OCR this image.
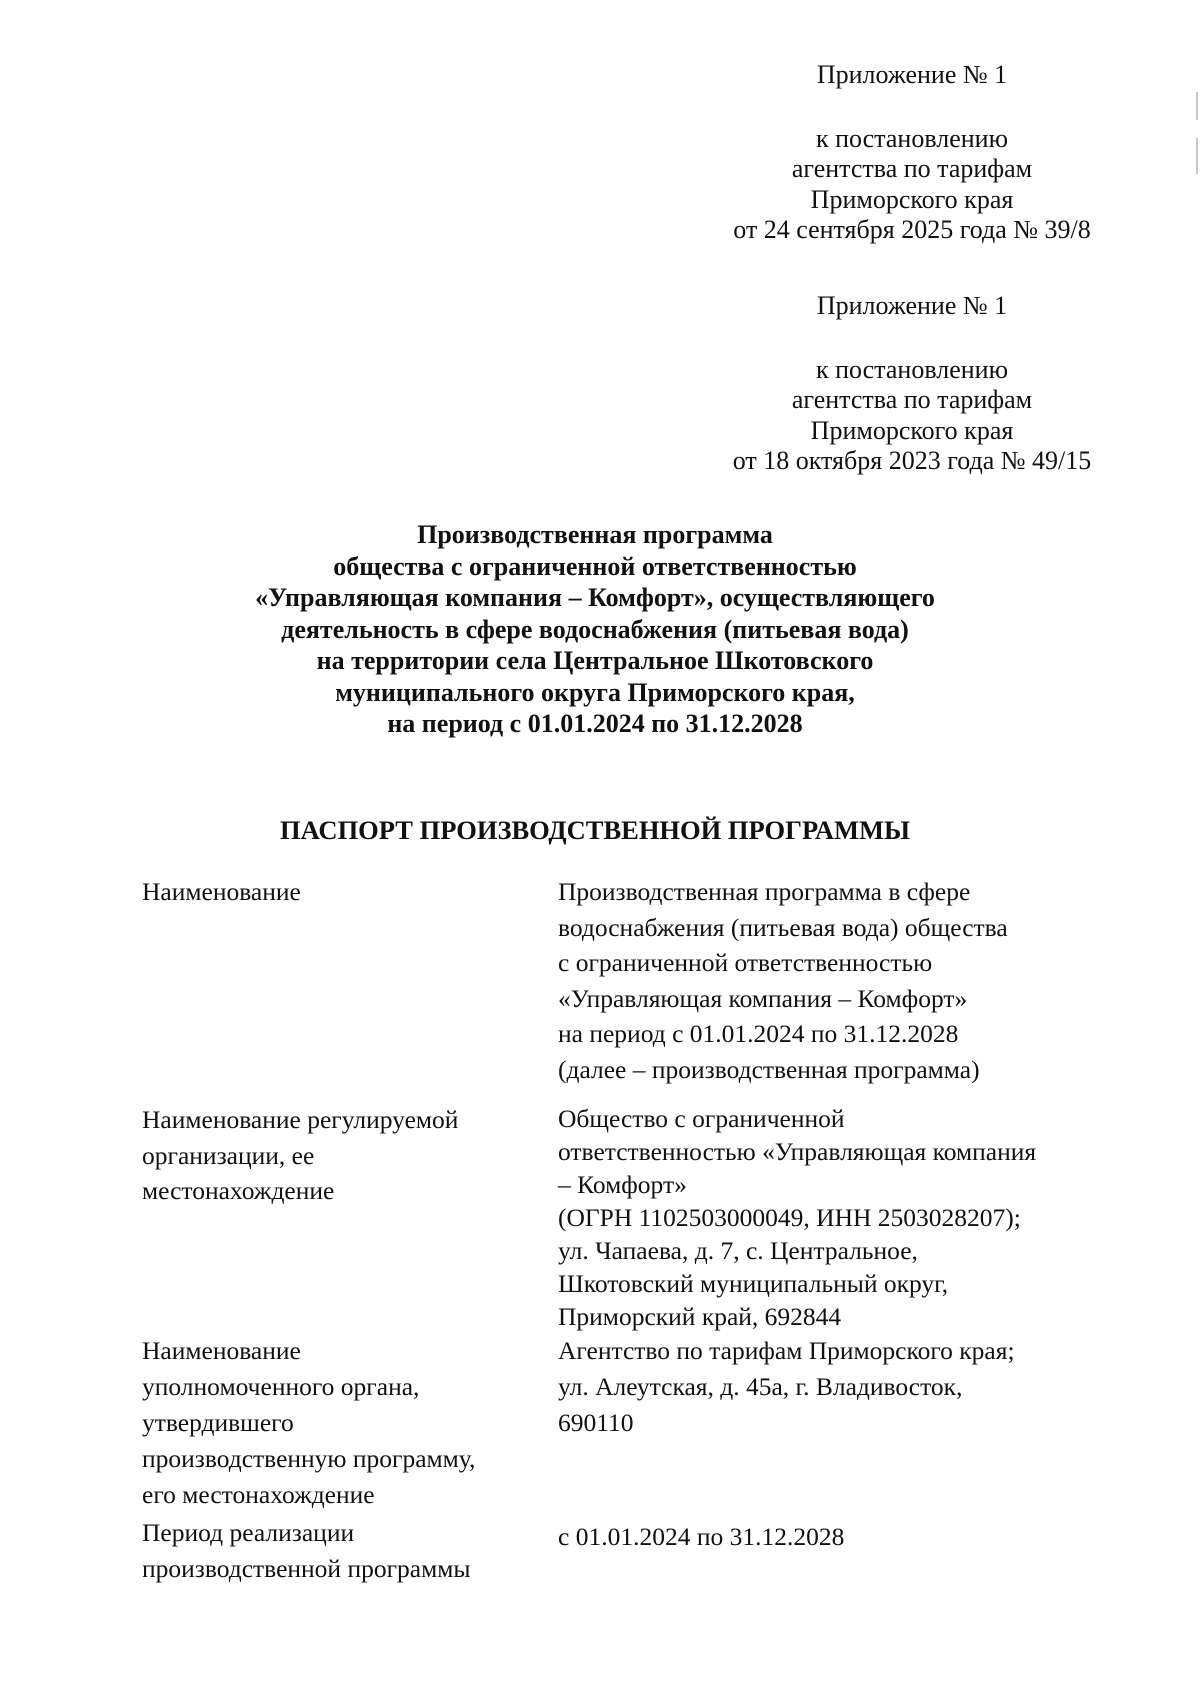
Приложение № 1
к постановлению
агентства по тарифам
Приморского края
от 24 сентября 2025 года № 39/8
Приложение № 1
к постановлению
агентства по тарифам
Приморского края
от 18 октября 2023 года № 49/15
Производственная программа
общества с ограниченной ответственностью
«Управляющая компания – Комфорт», осуществляющего
деятельность в сфере водоснабжения (питьевая вода)
на территории села Центральное Шкотовского
муниципального округа Приморского края,
на период с 01.01.2024 по 31.12.2028
ПАСПОРТ ПРОИЗВОДСТВЕННОЙ ПРОГРАММЫ
Наименование	Производственная программа в сфере
водоснабжения (питьевая вода) общества
с ограниченной ответственностью
«Управляющая компания – Комфорт»
на период с 01.01.2024 по 31.12.2028
(далее – производственная программа)
Наименование регулируемой
организации, ее
местонахождение
Общество с ограниченной
ответственностью «Управляющая компания
– Комфорт»
(ОГРН 1102503000049, ИНН 2503028207);
ул. Чапаева, д. 7, с. Центральное,
Шкотовский муниципальный округ,
Приморский край, 692844
Наименование
уполномоченного органа,
утвердившего
производственную программу,
его местонахождение
Агентство по тарифам Приморского края;
ул. Алеутская, д. 45а, г. Владивосток,
690110
Период реализации
производственной программы
с 01.01.2024 по 31.12.2028
